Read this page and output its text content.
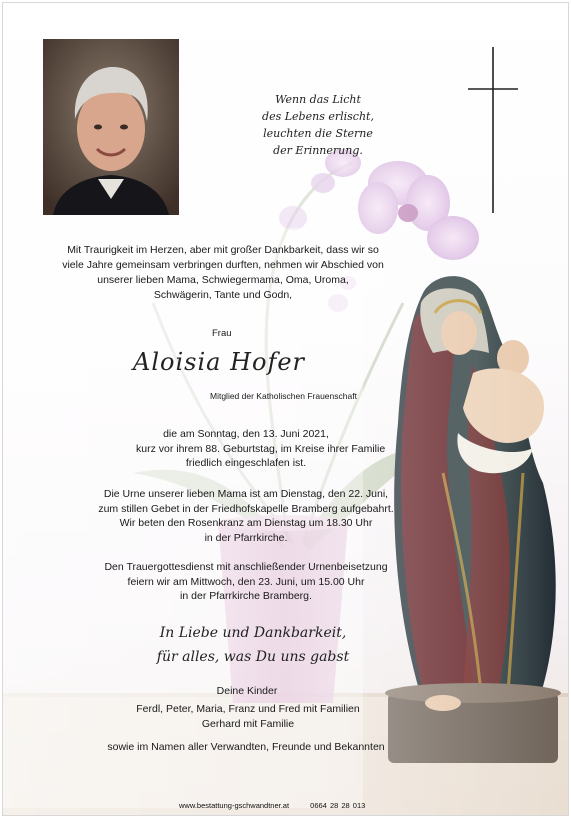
Wenn das Licht
des Lebens erlischt,
leuchten die Sterne
der Erinnerung.
Mit Traurigkeit im Herzen, aber mit großer Dankbarkeit, dass wir so
viele Jahre gemeinsam verbringen durften, nehmen wir Abschied von
unserer lieben Mama, Schwiegermama, Oma, Uroma,
Schwägerin, Tante und Godn,
Frau
Aloisia Hofer
Mitglied der Katholischen Frauenschaft
die am Sonntag, den 13. Juni 2021,
kurz vor ihrem 88. Geburtstag, im Kreise ihrer Familie
friedlich eingeschlafen ist.
Die Urne unserer lieben Mama ist am Dienstag, den 22. Juni,
zum stillen Gebet in der Friedhofskapelle Bramberg aufgebahrt.
Wir beten den Rosenkranz am Dienstag um 18.30 Uhr
in der Pfarrkirche.
Den Trauergottesdienst mit anschließender Urnenbeisetzung
feiern wir am Mittwoch, den 23. Juni, um 15.00 Uhr
in der Pfarrkirche Bramberg.
In Liebe und Dankbarkeit,
für alles, was Du uns gabst
Deine Kinder
Ferdl, Peter, Maria, Franz und Fred mit Familien
Gerhard mit Familie
sowie im Namen aller Verwandten, Freunde und Bekannten
www.bestattung-gschwandtner.at	0664 28 28 013
